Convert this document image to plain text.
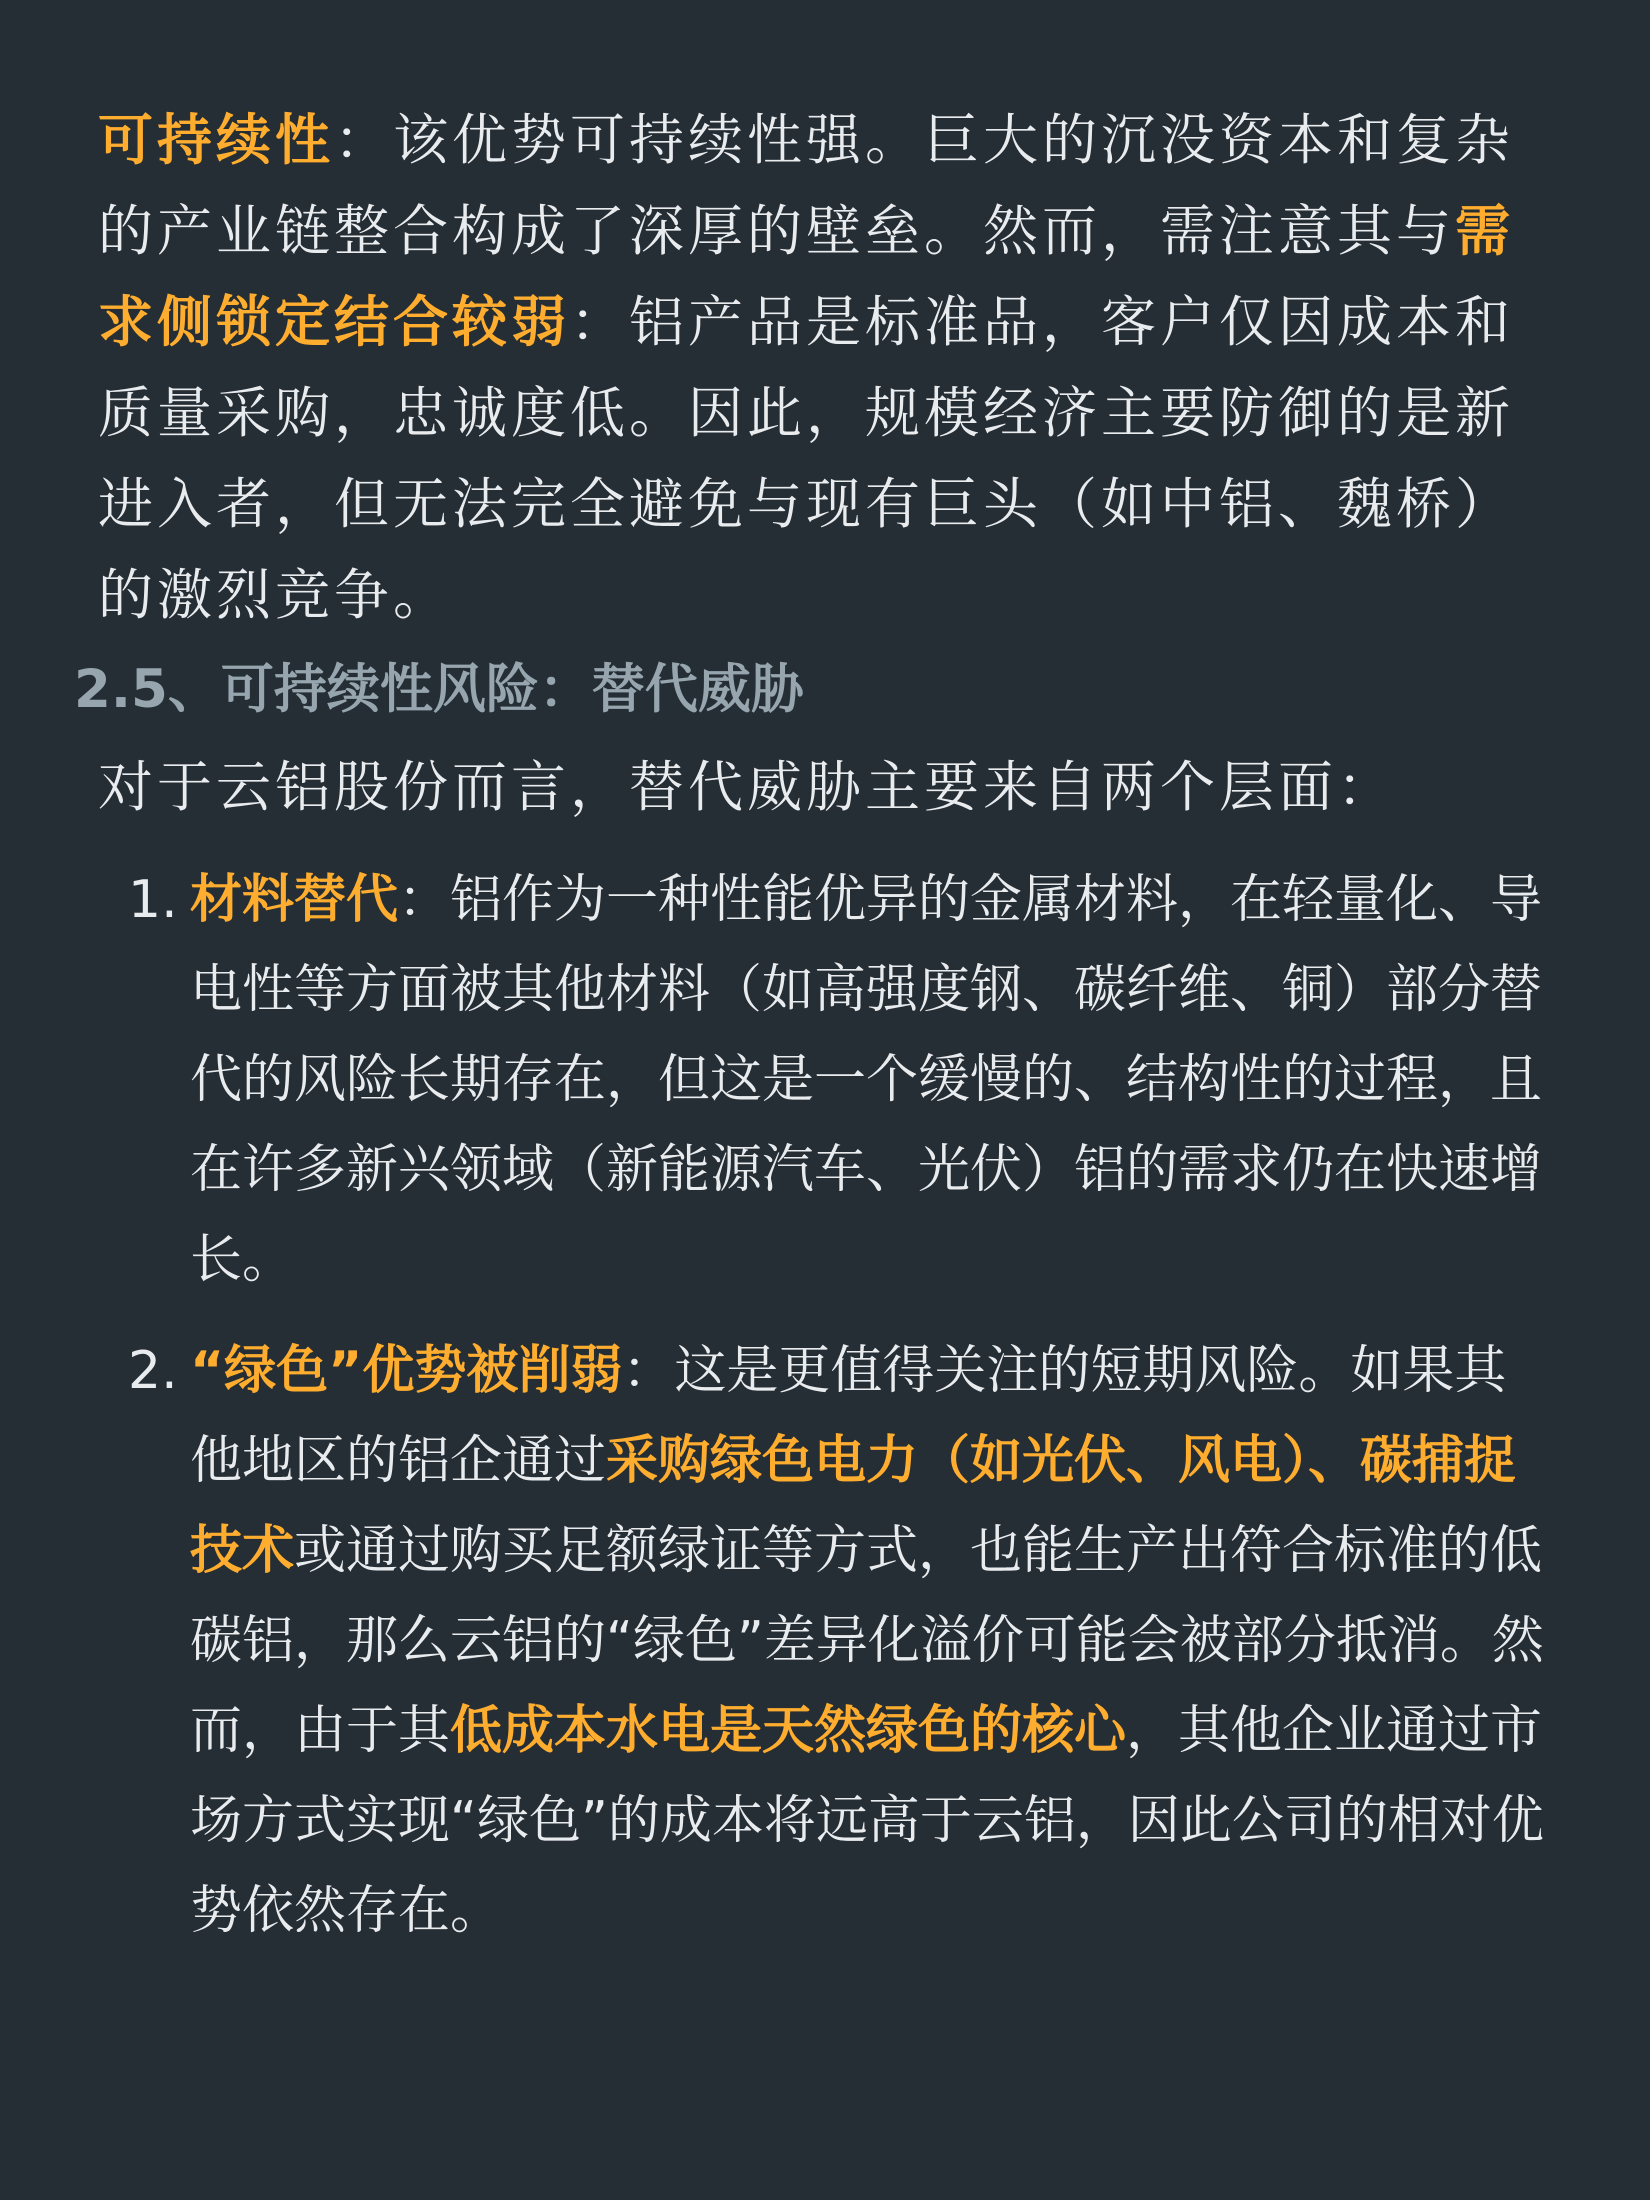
可持续性：该优势可持续性强。巨大的沉没资本和复杂的产业链整合构成了深厚的壁垒。然而，需注意其与需求侧锁定结合较弱：铝产品是标准品，客户仅因成本和质量采购，忠诚度低。因此，规模经济主要防御的是新进入者，但无法完全避免与现有巨头（如中铝、魏桥）的激烈竞争。

2.5、可持续性风险：替代威胁

对于云铝股份而言，替代威胁主要来自两个层面：

1. 材料替代：铝作为一种性能优异的金属材料，在轻量化、导电性等方面被其他材料（如高强度钢、碳纤维、铜）部分替代的风险长期存在，但这是一个缓慢的、结构性的过程，且在许多新兴领域（新能源汽车、光伏）铝的需求仍在快速增长。
2. “绿色”优势被削弱：这是更值得关注的短期风险。如果其他地区的铝企通过采购绿色电力（如光伏、风电）、碳捕捉技术或通过购买足额绿证等方式，也能生产出符合标准的低碳铝，那么云铝的“绿色”差异化溢价可能会被部分抵消。然而，由于其低成本水电是天然绿色的核心，其他企业通过市场方式实现“绿色”的成本将远高于云铝，因此公司的相对优势依然存在。
